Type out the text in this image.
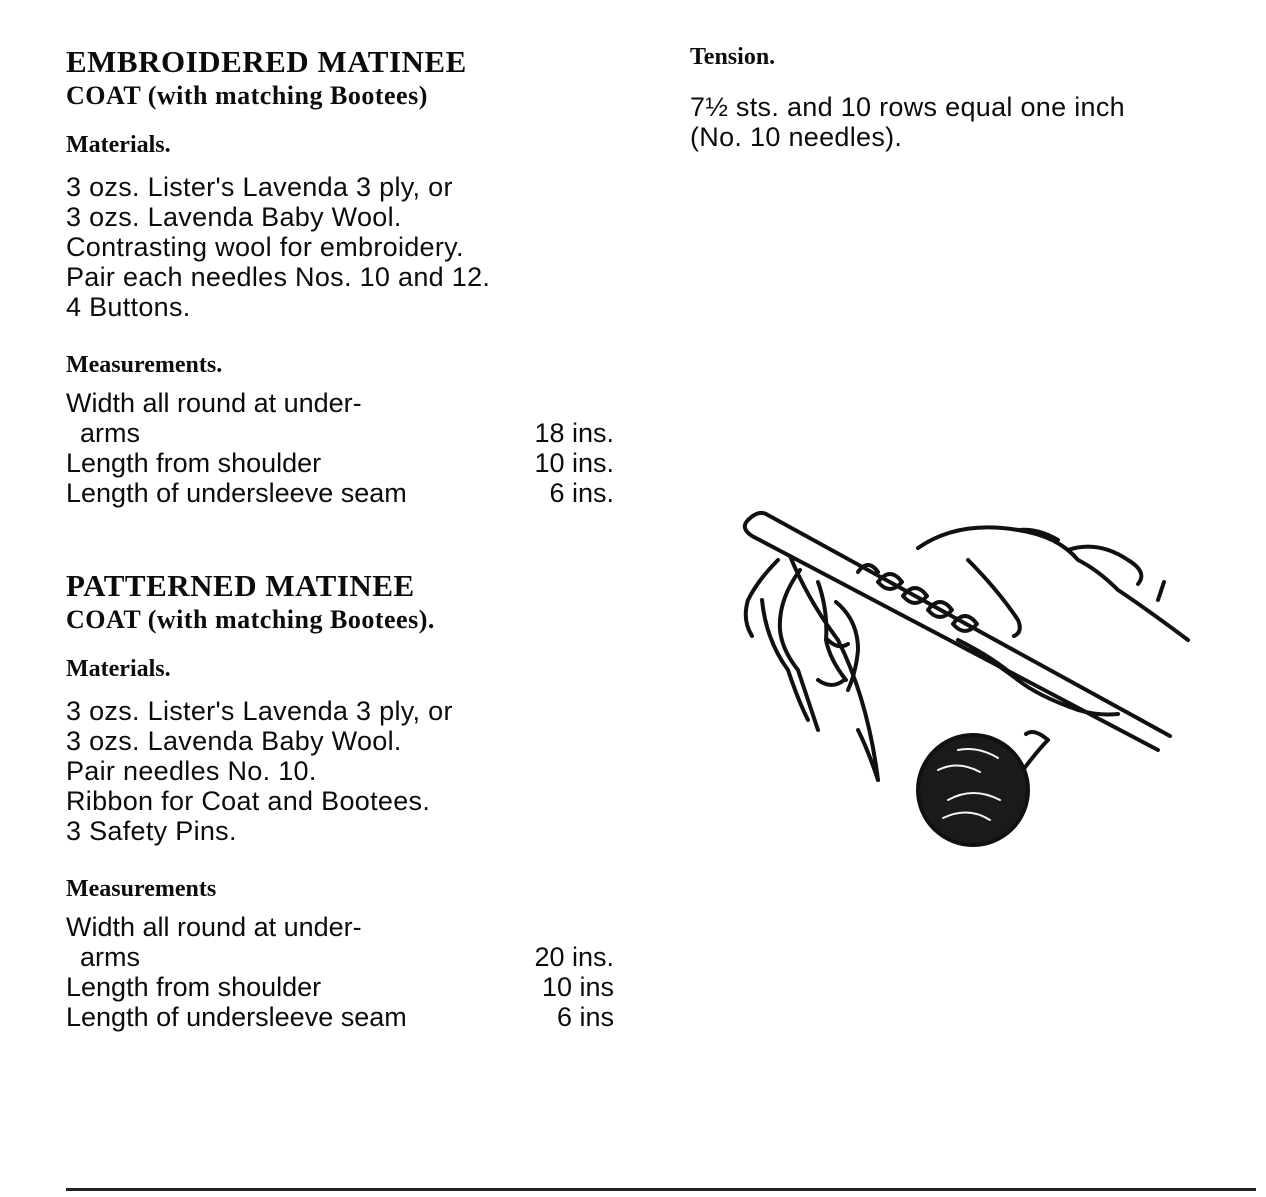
EMBROIDERED MATINEE
COAT (with matching Bootees)

Materials.

3 ozs. Lister's Lavenda 3 ply, or

3 ozs. Lavenda Baby Wool.

Contrasting wool for embroidery.

Pair each needles Nos. 10 and 12.

4 Buttons.

Measurements.

Width all round at under-	
arms	18 ins.
Length from shoulder	10 ins.
Length of undersleeve seam	6 ins.

PATTERNED MATINEE
COAT (with matching Bootees).

Materials.

3 ozs. Lister's Lavenda 3 ply, or

3 ozs. Lavenda Baby Wool.

Pair needles No. 10.

Ribbon for Coat and Bootees.

3 Safety Pins.

Measurements

Width all round at under-	
arms	20 ins.
Length from shoulder	10 ins
Length of undersleeve seam	6 ins

Tension.

7½ sts. and 10 rows equal one inch

(No. 10 needles).
